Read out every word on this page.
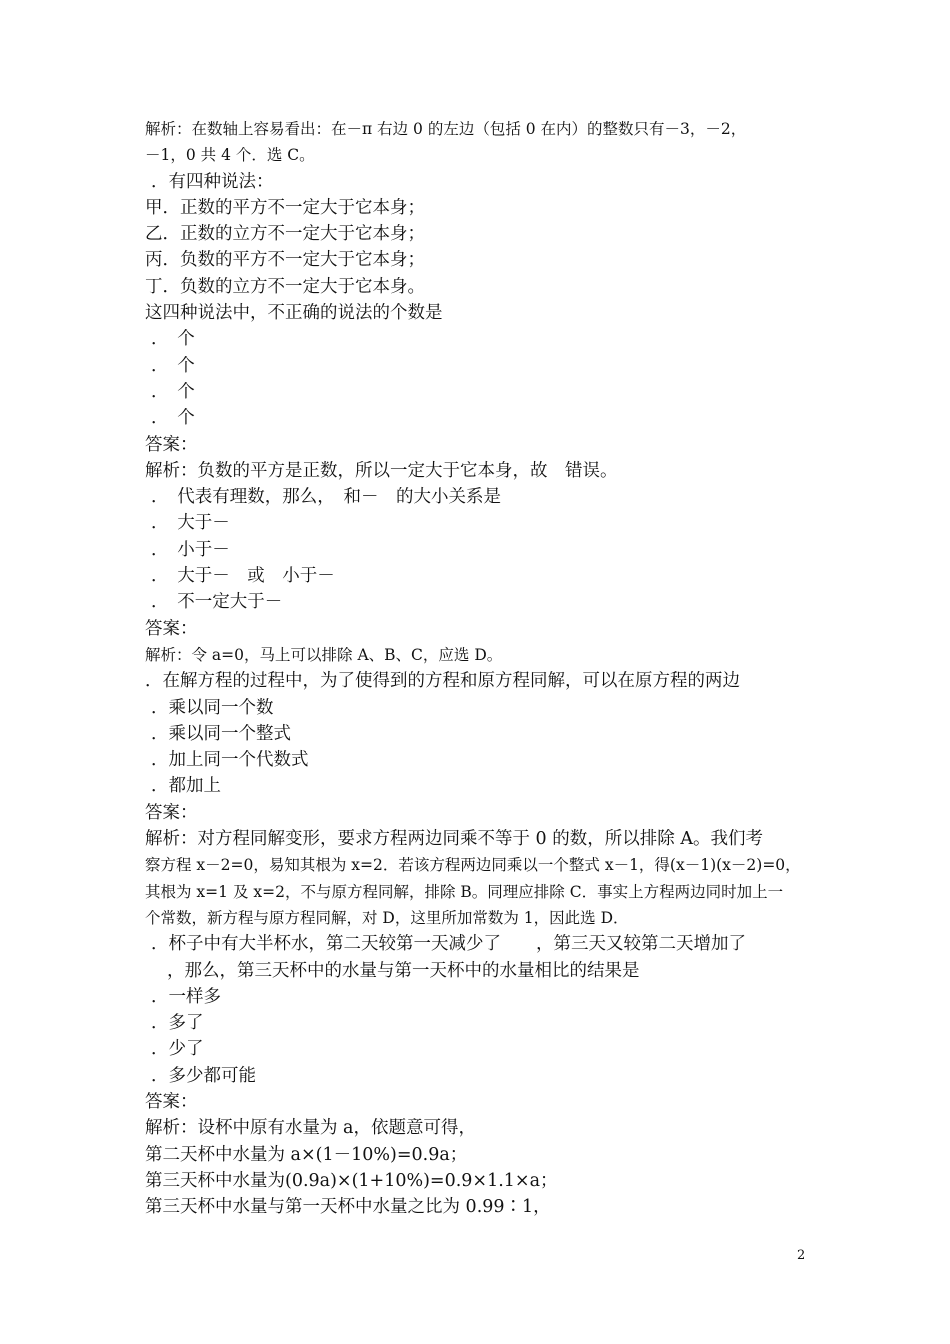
解析：在数轴上容易看出：在－π 右边 0 的左边（包括 0 在内）的整数只有－3，－2，
－1，0 共 4 个．选 C。
．有四种说法：
甲．正数的平方不一定大于它本身；
乙．正数的立方不一定大于它本身；
丙．负数的平方不一定大于它本身；
丁．负数的立方不一定大于它本身。
这四种说法中，不正确的说法的个数是
．　个
．　个
．　个
．　个
答案：
解析：负数的平方是正数，所以一定大于它本身，故　错误。
．　代表有理数，那么，　和－　的大小关系是
．　大于－
．　小于－
．　大于－　或　小于－
．　不一定大于－
答案：
解析：令 a=0，马上可以排除 A、B、C，应选 D。
．在解方程的过程中，为了使得到的方程和原方程同解，可以在原方程的两边
．乘以同一个数
．乘以同一个整式
．加上同一个代数式
．都加上
答案：
解析：对方程同解变形，要求方程两边同乘不等于 0 的数，所以排除 A。我们考
察方程 x－2=0，易知其根为 x=2．若该方程两边同乘以一个整式 x－1，得(x－1)(x－2)=0，
其根为 x=1 及 x=2，不与原方程同解，排除 B。同理应排除 C．事实上方程两边同时加上一
个常数，新方程与原方程同解，对 D，这里所加常数为 1，因此选 D．
．杯子中有大半杯水，第二天较第一天减少了　　，第三天又较第二天增加了
，那么，第三天杯中的水量与第一天杯中的水量相比的结果是
．一样多
．多了
．少了
．多少都可能
答案：
解析：设杯中原有水量为 a，依题意可得，
第二天杯中水量为 a×(1－10%)=0.9a；
第三天杯中水量为(0.9a)×(1+10%)=0.9×1.1×a；
第三天杯中水量与第一天杯中水量之比为 0.99∶1，
2
